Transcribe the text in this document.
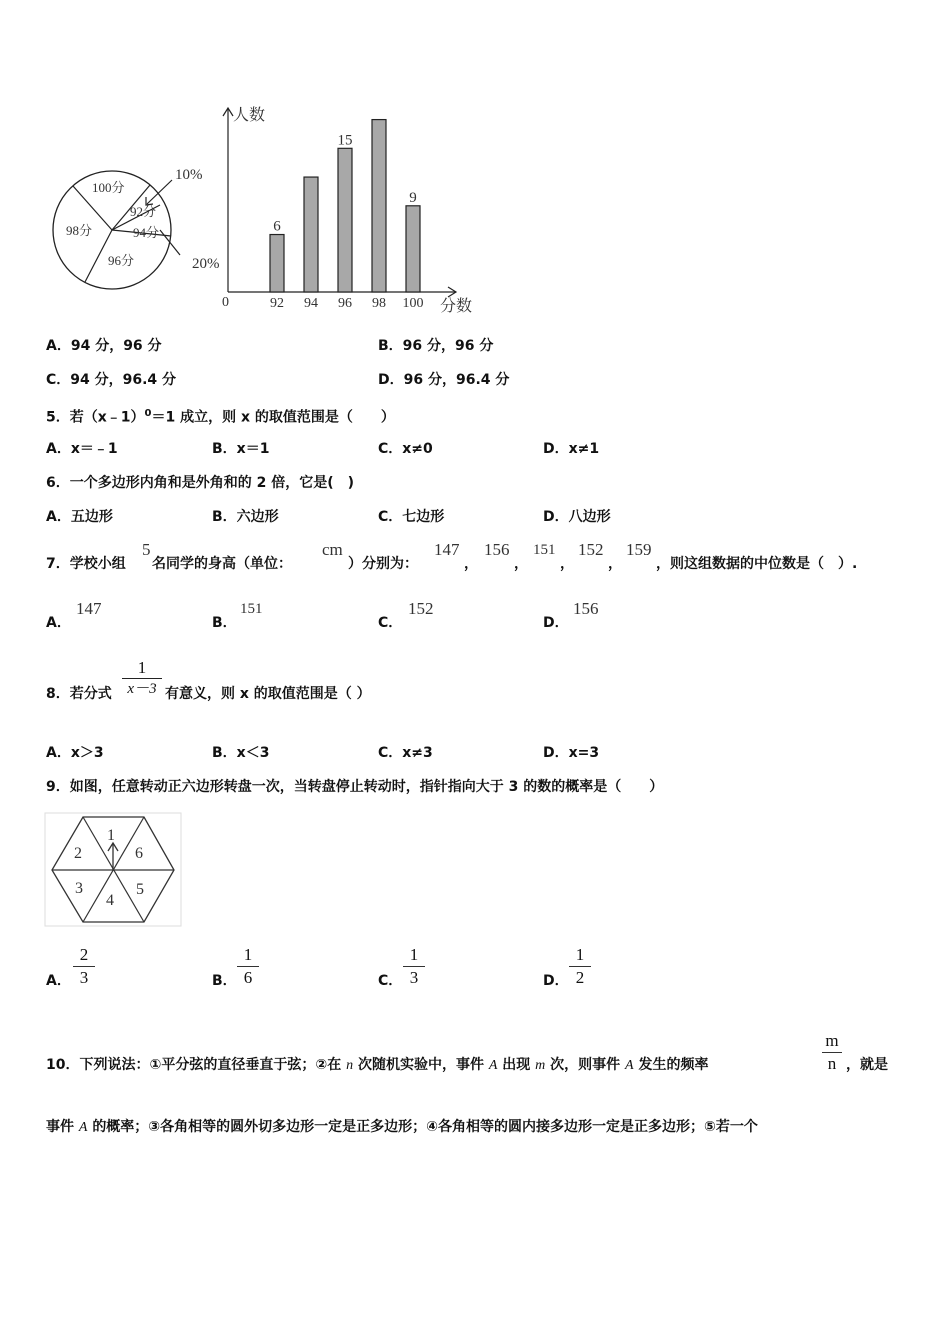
100分
98分
96分
94分
92分
10%
20%
人数
分数
0	92
6
94 96
15
98 100
9
A．94 分，96 分	B．96 分，96 分
C．94 分，96.4 分	D．96 分，96.4 分
5．若（x﹣1）$^0$＝1 成立，则 x 的取值范围是（　　）
A．x＝﹣1	B．x＝1	C．x≠0	D．x≠1
6．一个多边形内角和是外角和的 2 倍，它是(　)
A．五边形	B．六边形	C．七边形	D．八边形
7．学校小组
5
名同学的身高（单位：
cm
）分别为：
147
，
156
，
151
，
152
，
159
，则这组数据的中位数是（　）.
A．
147
B．
151
C．
152
D．
156
8．若分式 $\frac{1}{x-3}$ 有意义，则 x 的取值范围是（ ）
A．x＞3	B．x＜3	C．x≠3	D．x=3
9．如图，任意转动正六边形转盘一次，当转盘停止转动时，指针指向大于 3 的数的概率是（　　）
1
6
5
4
3
2
A． $\frac{2}{3}$	B． $\frac{1}{6}$	C． $\frac{1}{3}$	D． $\frac{1}{2}$
10．下列说法：①平分弦的直径垂直于弦；②在 n 次随机实验中，事件 A 出现 m 次，则事件 A 发生的频率	$\frac{m}{n}$ ，就是
事件 A 的概率；③各角相等的圆外切多边形一定是正多边形；④各角相等的圆内接多边形一定是正多边形；⑤若一个
